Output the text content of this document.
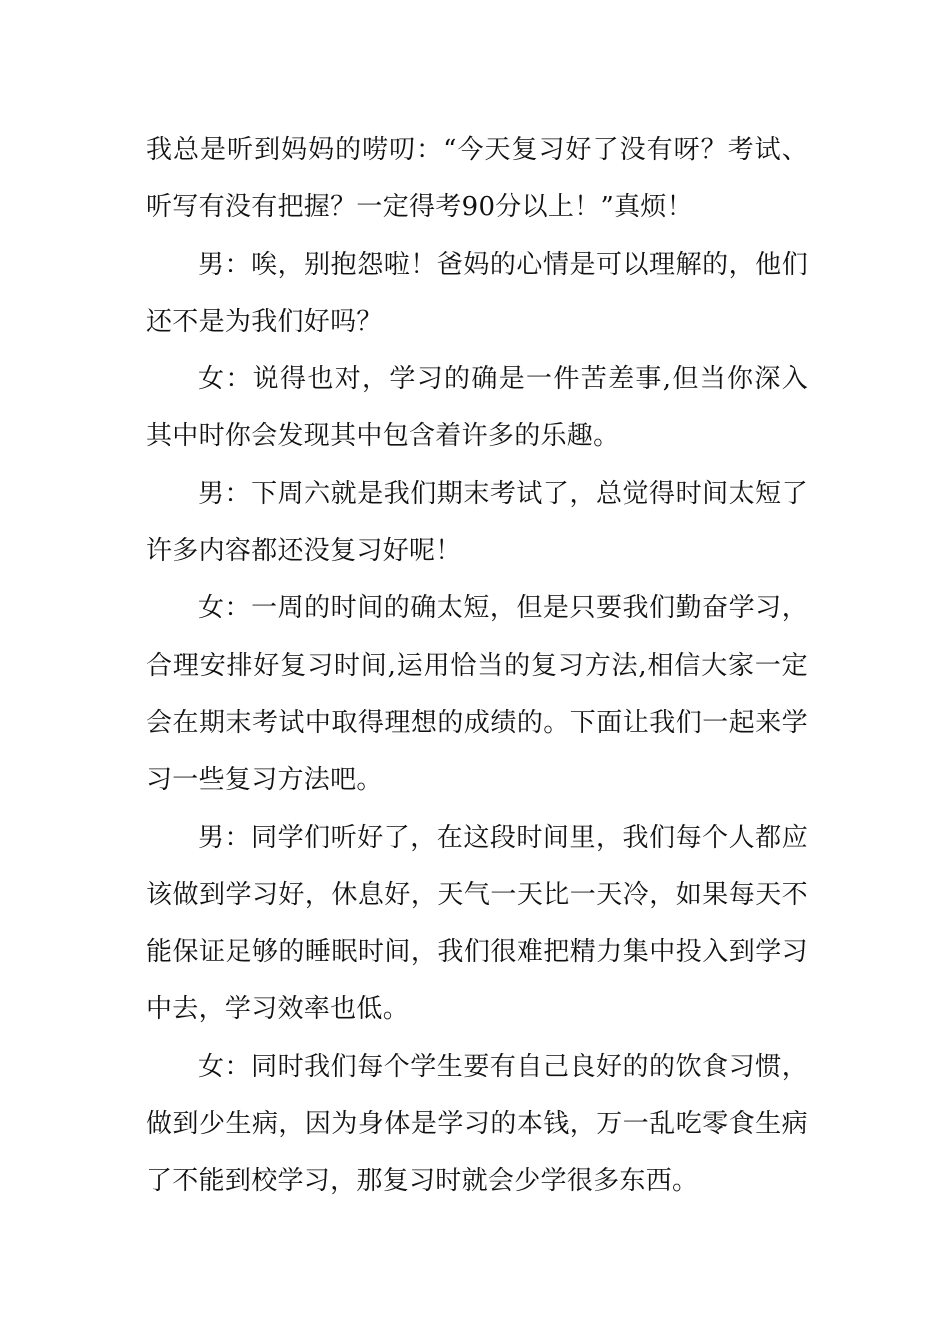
我总是听到妈妈的唠叨：“今天复习好了没有呀？考试、听写有没有把握？一定得考90分以上！”真烦！

男：唉，别抱怨啦！爸妈的心情是可以理解的，他们还不是为我们好吗？

女：说得也对，学习的确是一件苦差事,但当你深入其中时你会发现其中包含着许多的乐趣。

男：下周六就是我们期末考试了，总觉得时间太短了许多内容都还没复习好呢！

女：一周的时间的确太短，但是只要我们勤奋学习，合理安排好复习时间,运用恰当的复习方法,相信大家一定会在期末考试中取得理想的成绩的。下面让我们一起来学习一些复习方法吧。

男：同学们听好了，在这段时间里，我们每个人都应该做到学习好，休息好，天气一天比一天冷，如果每天不能保证足够的睡眠时间，我们很难把精力集中投入到学习中去，学习效率也低。

女：同时我们每个学生要有自己良好的的饮食习惯，做到少生病，因为身体是学习的本钱，万一乱吃零食生病了不能到校学习，那复习时就会少学很多东西。
